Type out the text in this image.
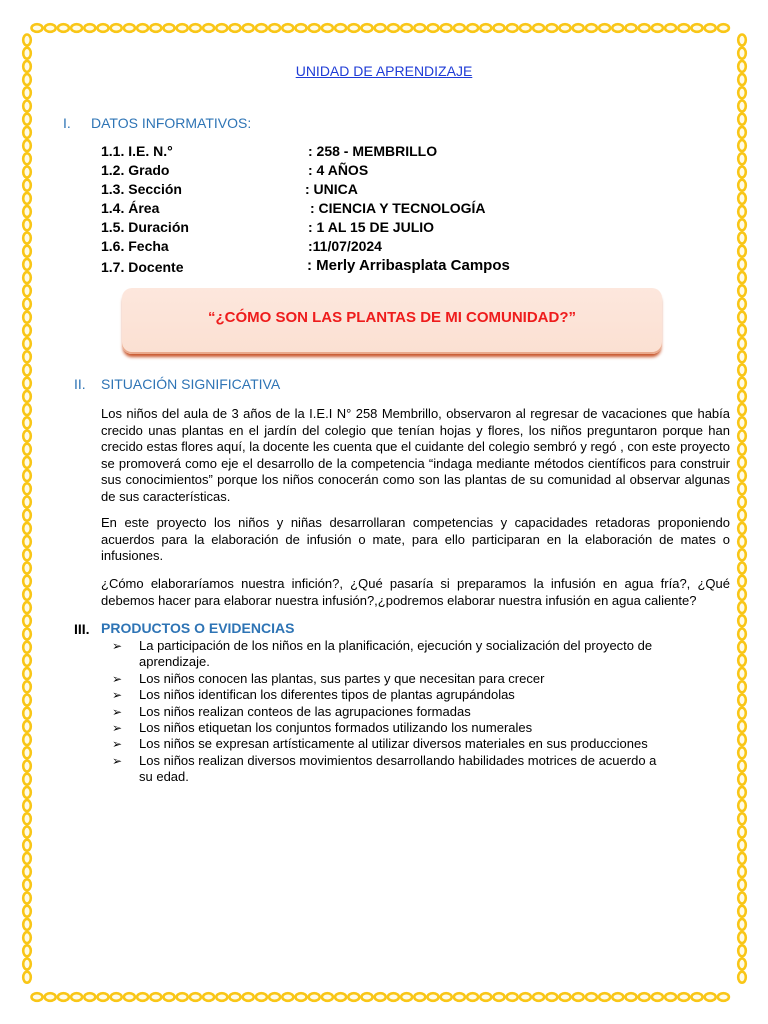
UNIDAD DE APRENDIZAJE
I. DATOS INFORMATIVOS:
1.1. I.E. N.°	: 258 - MEMBRILLO
1.2. Grado	: 4 AÑOS
1.3. Sección	: UNICA
1.4. Área	: CIENCIA Y TECNOLOGÍA
1.5. Duración	: 1 AL 15 DE JULIO
1.6. Fecha	:11/07/2024
1.7. Docente	: Merly Arribasplata Campos
“¿CÓMO SON LAS PLANTAS DE MI COMUNIDAD?”
II. SITUACIÓN SIGNIFICATIVA
Los niños del aula de 3 años de la I.E.I N° 258 Membrillo, observaron al regresar de vacaciones que había crecido unas plantas en el jardín del colegio que tenían hojas y flores, los niños preguntaron porque han crecido estas flores aquí, la docente les cuenta que el cuidante del colegio sembró y regó , con este proyecto se promoverá como eje el desarrollo de la competencia “indaga mediante métodos científicos para construir sus conocimientos” porque los niños conocerán como son las plantas de su comunidad al observar algunas de sus características.
En este proyecto los niños y niñas desarrollaran competencias y capacidades retadoras proponiendo acuerdos para la elaboración de infusión o mate, para ello participaran en la elaboración de mates o infusiones.
¿Cómo elaboraríamos nuestra infición?, ¿Qué pasaría si preparamos la infusión en agua fría?, ¿Qué debemos hacer para elaborar nuestra infusión?,¿podremos elaborar nuestra infusión en agua caliente?
III. PRODUCTOS O EVIDENCIAS
➢ La participación de los niños en la planificación, ejecución y socialización del proyecto de aprendizaje.
➢ Los niños conocen las plantas, sus partes y que necesitan para crecer
➢ Los niños identifican los diferentes tipos de plantas agrupándolas
➢ Los niños realizan conteos de las agrupaciones formadas
➢ Los niños etiquetan los conjuntos formados utilizando los numerales
➢ Los niños se expresan artísticamente al utilizar diversos materiales en sus producciones
➢ Los niños realizan diversos movimientos desarrollando habilidades motrices de acuerdo a su edad.
